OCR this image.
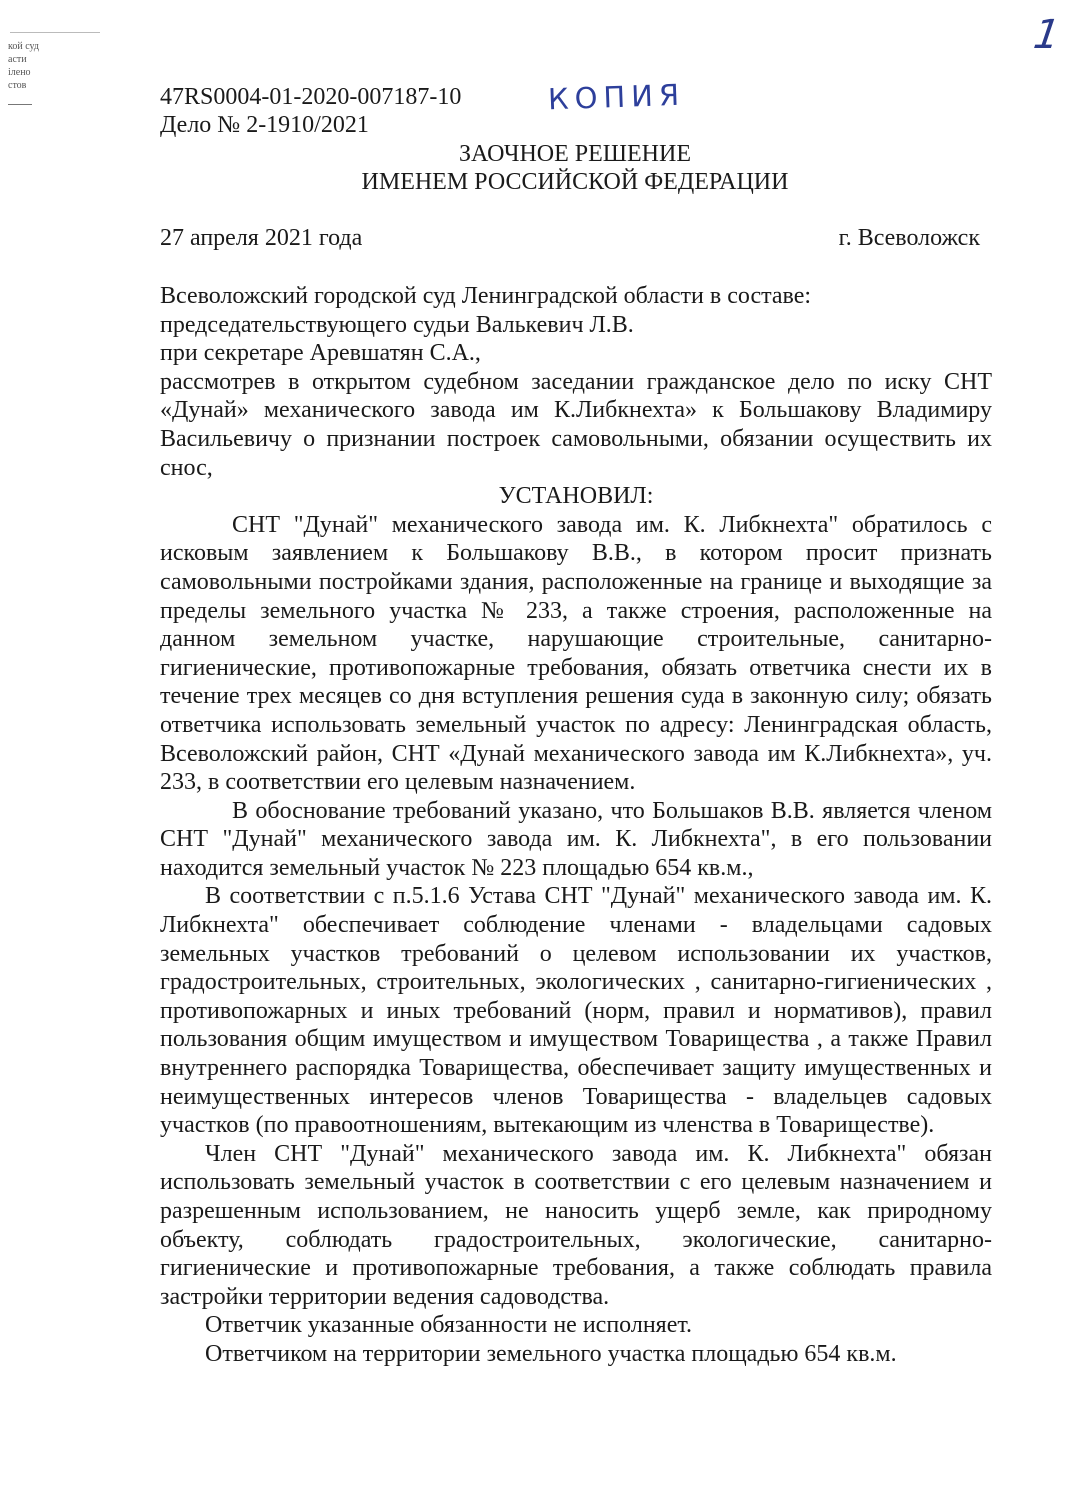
кой суд
асти
ілено
стов
1
47RS0004-01-2020-007187-10
Дело № 2-1910/2021
КОПИЯ
ЗАОЧНОЕ РЕШЕНИЕ
ИМЕНЕМ РОССИЙСКОЙ ФЕДЕРАЦИИ
27 апреля 2021 года	г. Всеволожск

Всеволожский городской суд Ленинградской области в составе:

председательствующего судьи Валькевич Л.В.

при секретаре Аревшатян С.А.,

рассмотрев в открытом судебном заседании гражданское дело по иску СНТ «Дунай» механического завода им К.Либкнехта» к Большакову Владимиру Васильевичу о признании построек самовольными, обязании осуществить их снос,

УСТАНОВИЛ:

СНТ "Дунай" механического завода им. К. Либкнехта" обратилось с исковым заявлением к Большакову В.В., в котором просит признать самовольными постройками здания, расположенные на границе и выходящие за пределы земельного участка № 233, а также строения, расположенные на данном земельном участке, нарушающие строительные, санитарно-гигиенические, противопожарные требования, обязать ответчика снести их в течение трех месяцев со дня вступления решения суда в законную силу; обязать ответчика использовать земельный участок по адресу: Ленинградская область, Всеволожский район, СНТ «Дунай механического завода им К.Либкнехта», уч. 233, в соответствии его целевым назначением.

В обоснование требований указано, что Большаков В.В. является членом СНТ "Дунай" механического завода им. К. Либкнехта", в его пользовании находится земельный участок № 223 площадью 654 кв.м.,

В соответствии с п.5.1.6 Устава СНТ "Дунай" механического завода им. К. Либкнехта" обеспечивает соблюдение членами - владельцами садовых земельных участков требований о целевом использовании их участков, градостроительных, строительных, экологических , санитарно-гигиенических , противопожарных и иных требований (норм, правил и нормативов), правил пользования общим имуществом и имуществом Товарищества , а также Правил внутреннего распорядка Товарищества, обеспечивает защиту имущественных и неимущественных интересов членов Товарищества - владельцев садовых участков (по правоотношениям, вытекающим из членства в Товариществе).

Член СНТ "Дунай" механического завода им. К. Либкнехта" обязан использовать земельный участок в соответствии с его целевым назначением и разрешенным использованием, не наносить ущерб земле, как природному объекту, соблюдать градостроительных, экологические, санитарно-гигиенические и противопожарные требования, а также соблюдать правила застройки территории ведения садоводства.

Ответчик указанные обязанности не исполняет.

Ответчиком на территории земельного участка площадью 654 кв.м.
